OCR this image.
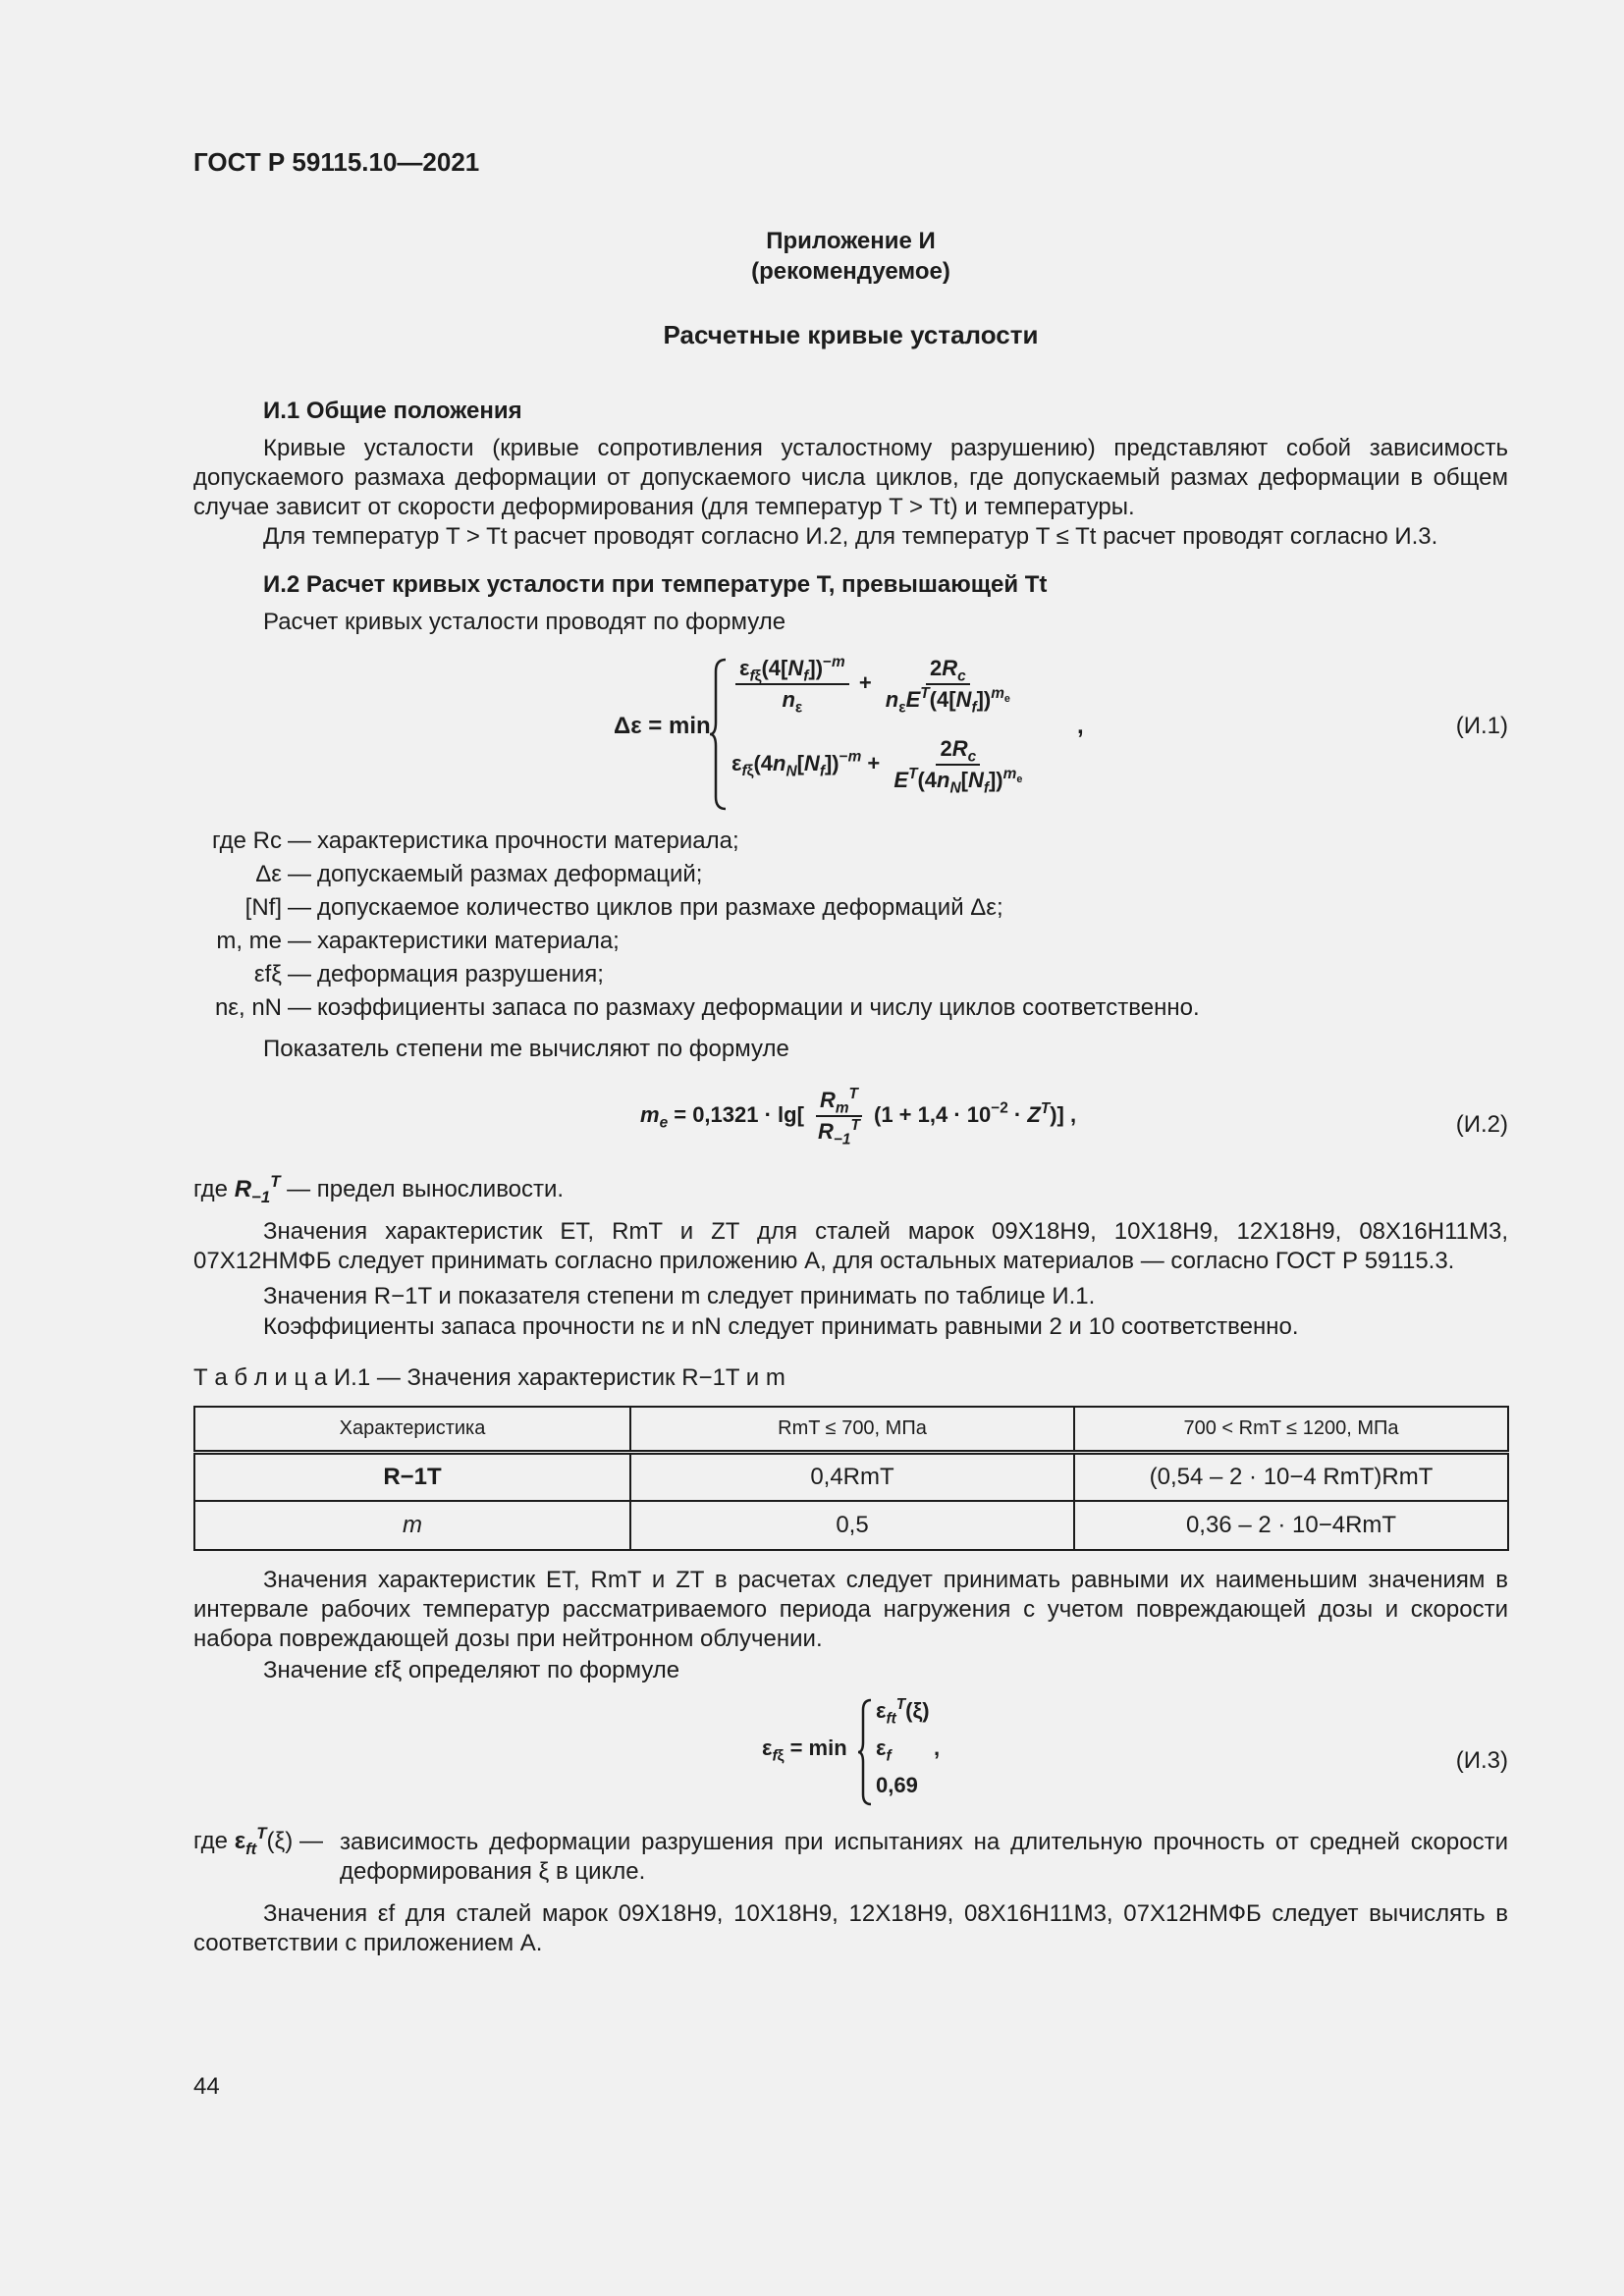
ГОСТ Р 59115.10—2021
Приложение И
(рекомендуемое)
Расчетные кривые усталости
И.1 Общие положения
Кривые усталости (кривые сопротивления усталостному разрушению) представляют собой зависимость допускаемого размаха деформации от допускаемого числа циклов, где допускаемый размах деформации в общем случае зависит от скорости деформирования (для температур T > Tt) и температуры.
Для температур T > Tt расчет проводят согласно И.2, для температур T ≤ Tt расчет проводят согласно И.3.
И.2 Расчет кривых усталости при температуре T, превышающей Tt
Расчет кривых усталости проводят по формуле
Δε = min
$\frac{\varepsilon_{f\xi}(4[N_f])^{-m}}{n_\varepsilon} + \frac{2R_c}{n_\varepsilon E^T(4[N_f])^{m_e}}$
$\varepsilon_{f\xi}(4n_N[N_f])^{-m} + \frac{2R_c}{E^T(4n_N[N_f])^{m_e}}$
,	(И.1)
где Rc — характеристика прочности материала;
Δε — допускаемый размах деформаций;
[Nf] — допускаемое количество циклов при размахе деформаций Δε;
m, me — характеристики материала;
εfξ — деформация разрушения;
nε, nN — коэффициенты запаса по размаху деформации и числу циклов соответственно.
Показатель степени me вычисляют по формуле
$m_e = 0,1321 \cdot \lg[ \frac{R_m^T}{R_{-1}^T} (1 + 1,4 \cdot 10^{-2} \cdot Z^T)]$ ,	(И.2)
где $R_{-1}^T$ — предел выносливости.
Значения характеристик ET, RmT и ZT для сталей марок 09Х18Н9, 10Х18Н9, 12Х18Н9, 08Х16Н11М3, 07Х12НМФБ следует принимать согласно приложению А, для остальных материалов — согласно ГОСТ Р 59115.3.
Значения R−1T и показателя степени m следует принимать по таблице И.1.
Коэффициенты запаса прочности nε и nN следует принимать равными 2 и 10 соответственно.
Т а б л и ц а И.1 — Значения характеристик R−1T и m
Характеристика	RmT ≤ 700, МПа	700 < RmT ≤ 1200, МПа
R−1T	0,4RmT	(0,54 – 2 · 10−4 RmT)RmT
m	0,5	0,36 – 2 · 10−4RmT
Значения характеристик ET, RmT и ZT в расчетах следует принимать равными их наименьшим значениям в интервале рабочих температур рассматриваемого периода нагружения с учетом повреждающей дозы и скорости набора повреждающей дозы при нейтронном облучении.
Значение εfξ определяют по формуле
$\varepsilon_{f\xi} = \min$
$\varepsilon_{ft}^T(\xi)$
$\varepsilon_f$ ,
0,69
(И.3)
где $\varepsilon_{ft}^T(\xi)$ — зависимость деформации разрушения при испытаниях на длительную прочность от средней скорости деформирования ξ в цикле.
Значения εf для сталей марок 09Х18Н9, 10Х18Н9, 12Х18Н9, 08Х16Н11М3, 07Х12НМФБ следует вычислять в соответствии с приложением А.
44
